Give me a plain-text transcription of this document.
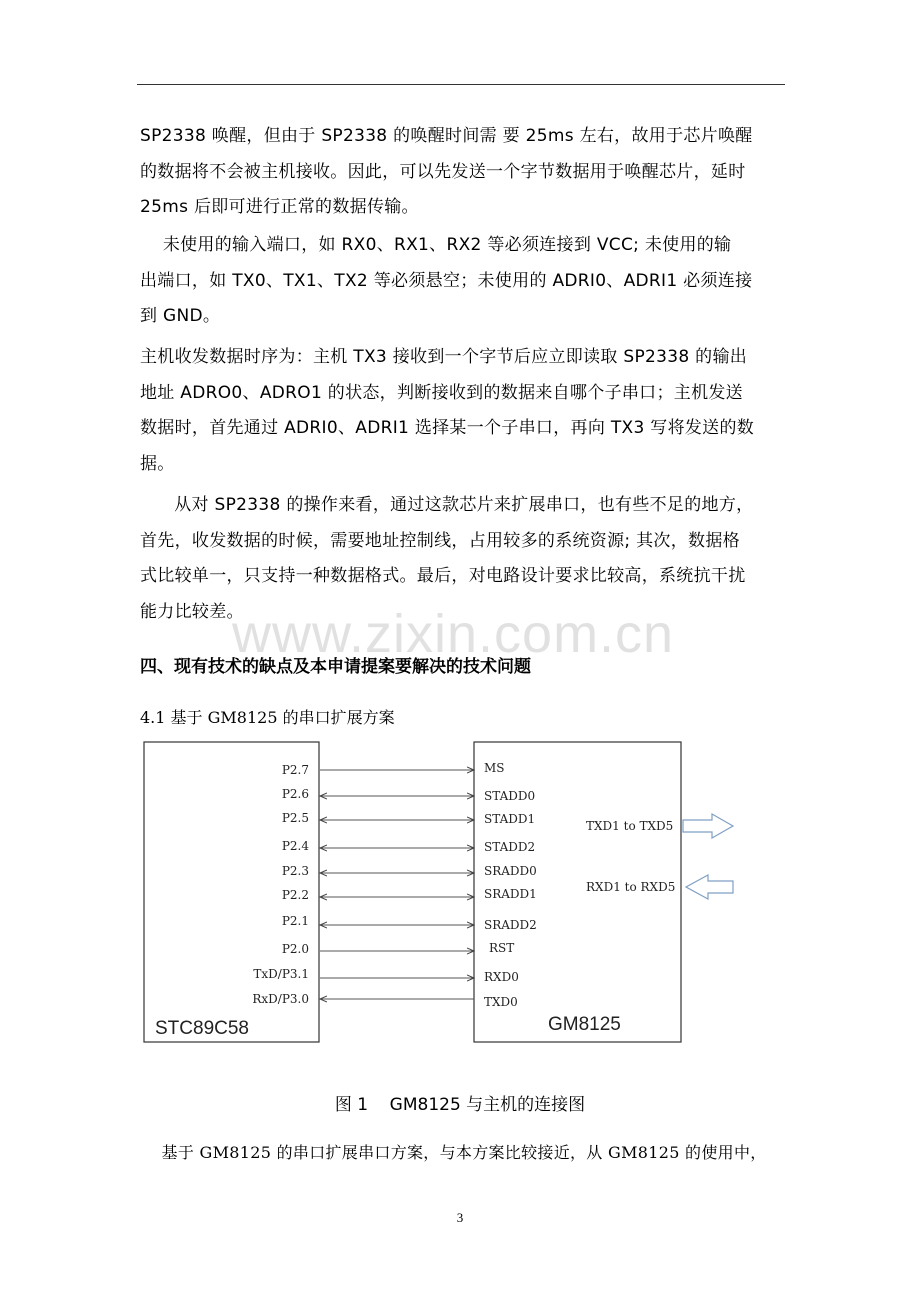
SP2338 唤醒，但由于 SP2338 的唤醒时间需 要 25ms 左右，故用于芯片唤醒
的数据将不会被主机接收。因此，可以先发送一个字节数据用于唤醒芯片，延时
25ms 后即可进行正常的数据传输。
未使用的输入端口，如 RX0、RX1、RX2 等必须连接到 VCC; 未使用的输
出端口，如 TX0、TX1、TX2 等必须悬空；未使用的 ADRI0、ADRI1 必须连接
到 GND。
主机收发数据时序为：主机 TX3 接收到一个字节后应立即读取 SP2338 的输出
地址 ADRO0、ADRO1 的状态，判断接收到的数据来自哪个子串口；主机发送
数据时，首先通过 ADRI0、ADRI1 选择某一个子串口，再向 TX3 写将发送的数
据。
从对 SP2338 的操作来看，通过这款芯片来扩展串口，也有些不足的地方，
首先，收发数据的时候，需要地址控制线，占用较多的系统资源; 其次，数据格
式比较单一，只支持一种数据格式。最后，对电路设计要求比较高，系统抗干扰
能力比较差。
www.zixin.com.cn

四、现有技术的缺点及本申请提案要解决的技术问题

4.1 基于 GM8125 的串口扩展方案

STC89C58	GM8125
P2.7	MS
P2.6	STADD0
P2.5	STADD1
P2.4	STADD2
P2.3	SRADD0
P2.2	SRADD1
P2.1	SRADD2
P2.0	RST
TxD/P3.1	RXD0
RxD/P3.0	TXD0
TXD1 to TXD5
RXD1 to RXD5

图 1    GM8125 与主机的连接图

基于 GM8125 的串口扩展串口方案，与本方案比较接近，从 GM8125 的使用中，
3
